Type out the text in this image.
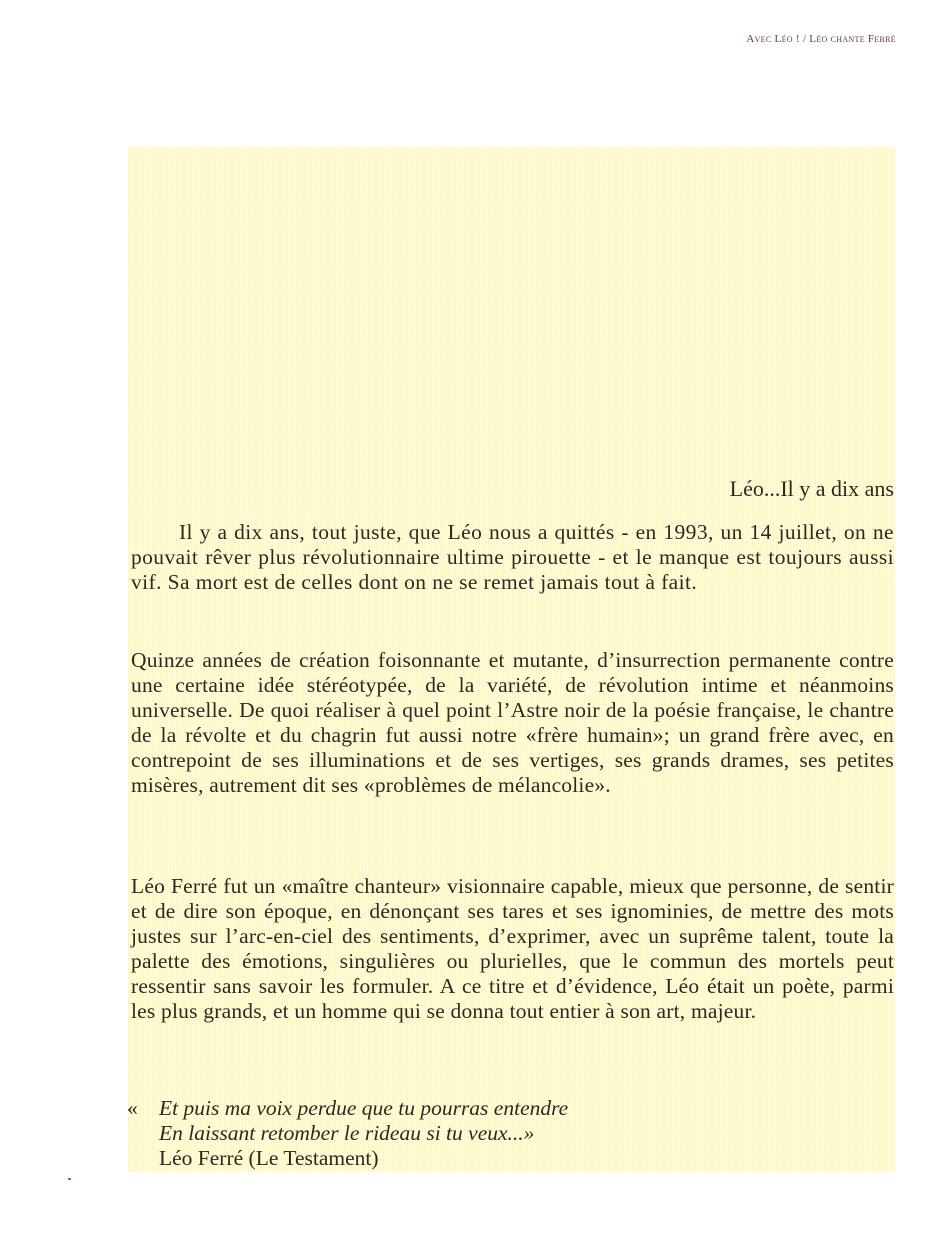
Avec Léo ! / Léo chante Ferré
Léo...Il y a dix ans

Il y a dix ans, tout juste, que Léo nous a quittés - en 1993, un 14 juillet, on ne pouvait rêver plus révolutionnaire ultime pirouette - et le manque est toujours aussi vif. Sa mort est de celles dont on ne se remet jamais tout à fait.

Quinze années de création foisonnante et mutante, d’insurrection permanente contre une certaine idée stéréotypée, de la variété, de révolution intime et néanmoins universelle. De quoi réaliser à quel point l’Astre noir de la poésie française, le chantre de la révolte et du chagrin fut aussi notre «frère humain»; un grand frère avec, en contrepoint de ses illuminations et de ses vertiges, ses grands drames, ses petites misères, autrement dit ses «problèmes de mélancolie».

Léo Ferré fut un «maître chanteur» visionnaire capable, mieux que personne, de sentir et de dire son époque, en dénonçant ses tares et ses ignominies, de mettre des mots justes sur l’arc-en-ciel des sentiments, d’exprimer, avec un suprême talent, toute la palette des émotions, singulières ou plurielles, que le commun des mortels peut ressentir sans savoir les formuler. A ce titre et d’évidence, Léo était un poète, parmi les plus grands, et un homme qui se donna tout entier à son art, majeur.

« Et puis ma voix perdue que tu pourras entendre
En laissant retomber le rideau si tu veux...»
Léo Ferré (Le Testament)
